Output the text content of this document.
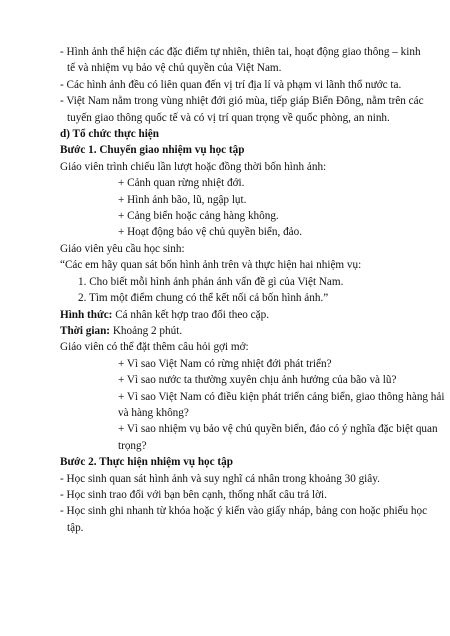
- Hình ảnh thể hiện các đặc điểm tự nhiên, thiên tai, hoạt động giao thông – kinh
tế và nhiệm vụ bảo vệ chủ quyền của Việt Nam.
- Các hình ảnh đều có liên quan đến vị trí địa lí và phạm vi lãnh thổ nước ta.
- Việt Nam nằm trong vùng nhiệt đới gió mùa, tiếp giáp Biển Đông, nằm trên các
tuyến giao thông quốc tế và có vị trí quan trọng về quốc phòng, an ninh.
d) Tổ chức thực hiện
Bước 1. Chuyển giao nhiệm vụ học tập
Giáo viên trình chiếu lần lượt hoặc đồng thời bốn hình ảnh:
+ Cảnh quan rừng nhiệt đới.
+ Hình ảnh bão, lũ, ngập lụt.
+ Cảng biển hoặc cảng hàng không.
+ Hoạt động bảo vệ chủ quyền biển, đảo.
Giáo viên yêu cầu học sinh:
“Các em hãy quan sát bốn hình ảnh trên và thực hiện hai nhiệm vụ:
1. Cho biết mỗi hình ảnh phản ánh vấn đề gì của Việt Nam.
2. Tìm một điểm chung có thể kết nối cả bốn hình ảnh.”
Hình thức: Cá nhân kết hợp trao đổi theo cặp.
Thời gian: Khoảng 2 phút.
Giáo viên có thể đặt thêm câu hỏi gợi mở:
+ Vì sao Việt Nam có rừng nhiệt đới phát triển?
+ Vì sao nước ta thường xuyên chịu ảnh hưởng của bão và lũ?
+ Vì sao Việt Nam có điều kiện phát triển cảng biển, giao thông hàng hải
và hàng không?
+ Vì sao nhiệm vụ bảo vệ chủ quyền biển, đảo có ý nghĩa đặc biệt quan
trọng?
Bước 2. Thực hiện nhiệm vụ học tập
- Học sinh quan sát hình ảnh và suy nghĩ cá nhân trong khoảng 30 giây.
- Học sinh trao đổi với bạn bên cạnh, thống nhất câu trả lời.
- Học sinh ghi nhanh từ khóa hoặc ý kiến vào giấy nháp, bảng con hoặc phiếu học
tập.
